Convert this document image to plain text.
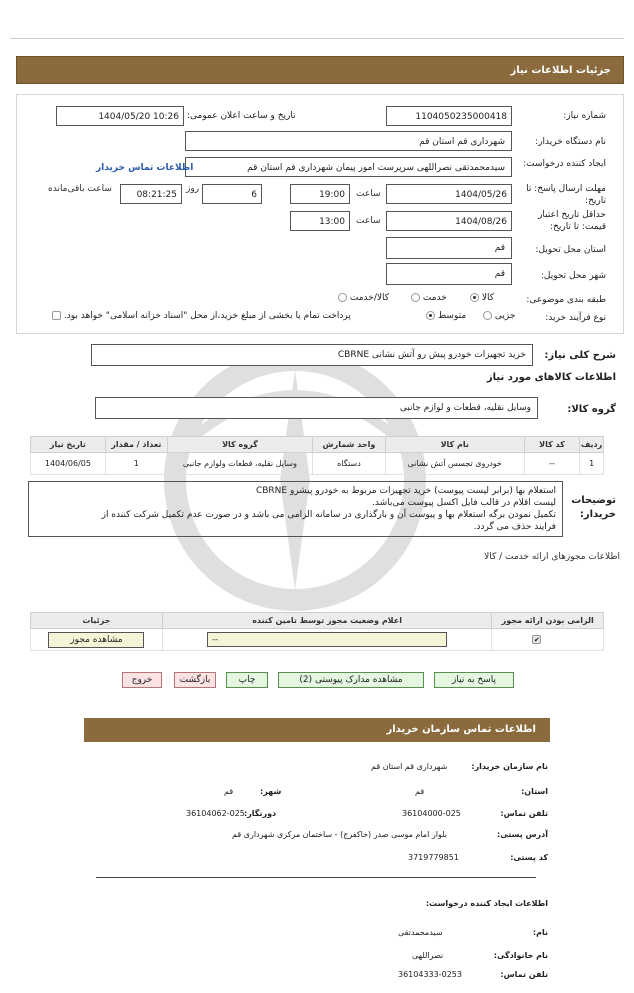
جزئیات اطلاعات نیاز
شماره نیاز:
1104050235000418
تاریخ و ساعت اعلان عمومی:
1404/05/20 10:26
نام دستگاه خریدار:
شهرداری قم استان قم
ایجاد کننده درخواست:
سیدمحمدتقی نصراللهی سرپرست امور پیمان شهرداری قم استان قم
اطلاعات تماس خریدار
مهلت ارسال پاسخ: تا تاریخ:
1404/05/26
ساعت
19:00
6
روز
08:21:25
ساعت باقی‌مانده
حداقل تاریخ اعتبار قیمت: تا تاریخ:
1404/08/26
ساعت
13:00
استان محل تحویل:
قم
شهر محل تحویل:
قم
طبقه بندی موضوعی:
کالا
خدمت
کالا/خدمت
نوع فرآیند خرید:
جزیی
متوسط
پرداخت تمام یا بخشی از مبلغ خرید،از محل "اسناد خزانه اسلامی" خواهد بود.
شرح کلی نیاز:
خرید تجهیزات خودرو پیش رو آتش نشانی CBRNE
اطلاعات کالاهای مورد نیاز
گروه کالا:
وسایل نقلیه، قطعات و لوازم جانبی
ردیف	کد کالا	نام کالا	واحد شمارش	گروه کالا	تعداد / مقدار	تاریخ نیاز
1	--	خودروی تجسس آتش نشانی	دستگاه	وسایل نقلیه، قطعات ولوازم جانبی	1	1404/06/05
توضیحات خریدار:
استعلام بها (برابر لیست پیوست) خرید تجهیزات مربوط به خودرو پیشرو CBRNE
لیست اقلام در قالب فایل اکسل پیوست می‌باشد.
تکمیل نمودن برگه استعلام بها و پیوست آن و بارگذاری در سامانه الزامی می باشد و در صورت عدم تکمیل شرکت کننده از
فرایند حذف می گردد.
اطلاعات مجوزهای ارائه خدمت / کالا
الزامی بودن ارائه مجوز	اعلام وضعیت مجوز توسط تامین کننده	جزئیات
✔	--	مشاهده مجوز
پاسخ به نیاز
مشاهده مدارک پیوستی (2)
چاپ
بازگشت
خروج
اطلاعات تماس سازمان خریدار
نام سازمان خریدار:
شهرداری قم استان قم
استان:
قم
شهر:
قم
تلفن تماس:
36104000-025
دورنگار:
36104062-025
آدرس پستی:
بلوار امام موسی صدر (خاکفرج) - ساختمان مرکزی شهرداری قم
کد پستی:
3719779851
اطلاعات ایجاد کننده درخواست:
نام:
سیدمحمدتقی
نام خانوادگی:
نصراللهی
تلفن تماس:
36104333-0253
